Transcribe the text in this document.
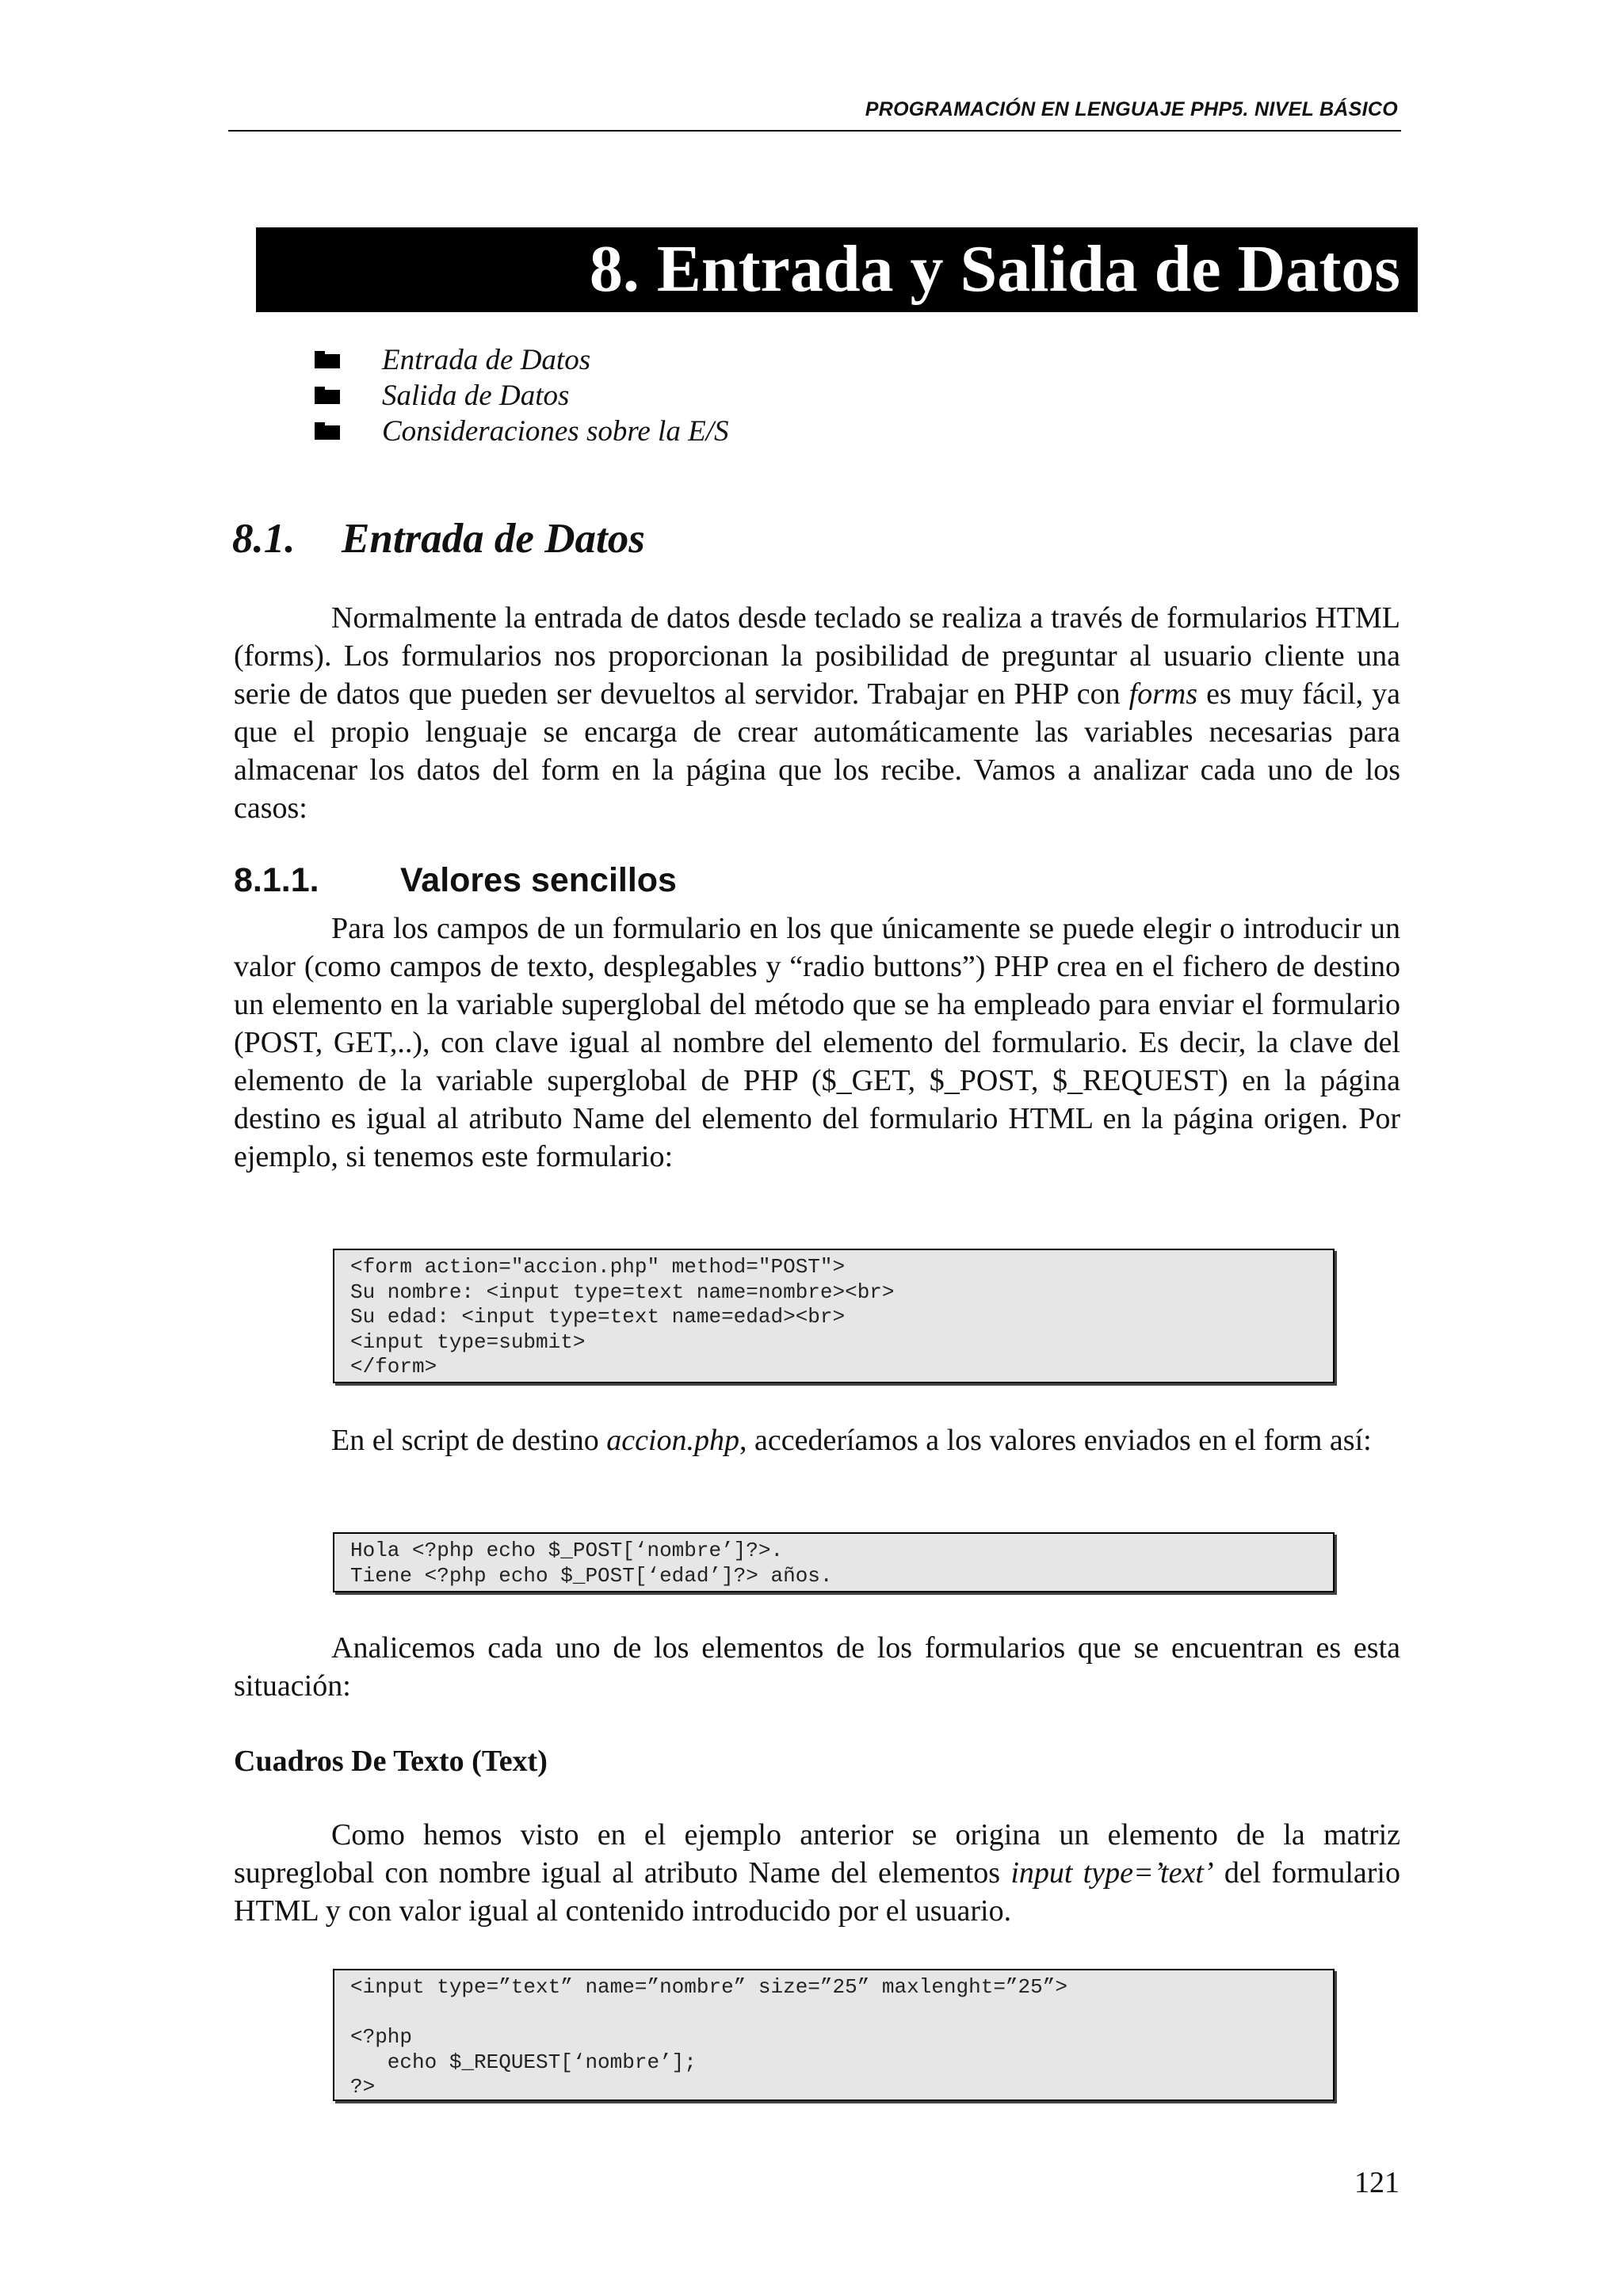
PROGRAMACIÓN EN LENGUAJE PHP5. NIVEL BÁSICO
8. Entrada y Salida de Datos
Entrada de Datos
Salida de Datos
Consideraciones sobre la E/S
8.1. Entrada de Datos

Normalmente la entrada de datos desde teclado se realiza a través de formularios HTML (forms). Los formularios nos proporcionan la posibilidad de preguntar al usuario cliente una serie de datos que pueden ser devueltos al servidor. Trabajar en PHP con forms es muy fácil, ya que el propio lenguaje se encarga de crear automáticamente las variables necesarias para almacenar los datos del form en la página que los recibe. Vamos a analizar cada uno de los casos:

8.1.1. Valores sencillos

Para los campos de un formulario en los que únicamente se puede elegir o introducir un valor (como campos de texto, desplegables y “radio buttons”) PHP crea en el fichero de destino un elemento en la variable superglobal del método que se ha empleado para enviar el formulario (POST, GET,..), con clave igual al nombre del elemento del formulario. Es decir, la clave del elemento de la variable superglobal de PHP ($_GET, $_POST, $_REQUEST) en la página destino es igual al atributo Name del elemento del formulario HTML en la página origen. Por ejemplo, si tenemos este formulario:

<form action="accion.php" method="POST">
Su nombre: <input type=text name=nombre><br>
Su edad: <input type=text name=edad><br>
<input type=submit>
</form>

En el script de destino accion.php, accederíamos a los valores enviados en el form así:

Hola <?php echo $_POST[‘nombre’]?>.
Tiene <?php echo $_POST[‘edad’]?> años.

Analicemos cada uno de los elementos de los formularios que se encuentran es esta situación:

Cuadros De Texto (Text)

Como hemos visto en el ejemplo anterior se origina un elemento de la matriz supreglobal con nombre igual al atributo Name del elementos input type=’text’ del formulario HTML y con valor igual al contenido introducido por el usuario.

<input type=”text” name=”nombre” size=”25” maxlenght=”25”>
<?php
echo $_REQUEST[‘nombre’];
?>
121
